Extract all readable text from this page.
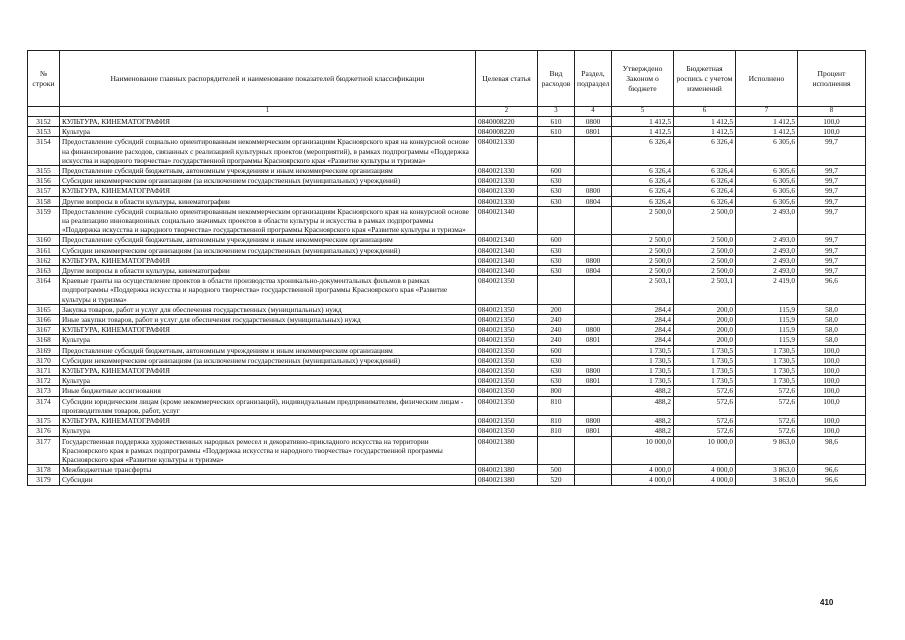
№ строки	Наименование главных распорядителей и наименование показателей бюджетной классификации	Целевая статья	Вид расходов	Раздел, подраздел	Утверждено Законом о бюджете	Бюджетная роспись с учетом изменений	Исполнено	Процент исполнения
	1	2	3	4	5	6	7	8
3152	КУЛЬТУРА, КИНЕМАТОГРАФИЯ	0840008220	610	0800	1 412,5	1 412,5	1 412,5	100,0
3153	Культура	0840008220	610	0801	1 412,5	1 412,5	1 412,5	100,0
3154	Предоставление субсидий социально ориентированным некоммерческим организациям Красноярского края на конкурсной основе на финансирование расходов, связанных с реализацией культурных проектов (мероприятий), в рамках подпрограммы «Поддержка искусства и народного творчества» государственной программы Красноярского края «Развитие культуры и туризма»	0840021330			6 326,4	6 326,4	6 305,6	99,7
3155	Предоставление субсидий бюджетным, автономным учреждениям и иным некоммерческим организациям	0840021330	600		6 326,4	6 326,4	6 305,6	99,7
3156	Субсидии некоммерческим организациям (за исключением государственных (муниципальных) учреждений)	0840021330	630		6 326,4	6 326,4	6 305,6	99,7
3157	КУЛЬТУРА, КИНЕМАТОГРАФИЯ	0840021330	630	0800	6 326,4	6 326,4	6 305,6	99,7
3158	Другие вопросы в области культуры, кинематографии	0840021330	630	0804	6 326,4	6 326,4	6 305,6	99,7
3159	Предоставление субсидий социально ориентированным некоммерческим организациям Красноярского края на конкурсной основе на реализацию инновационных социально значимых проектов в области культуры и искусства в рамках подпрограммы «Поддержка искусства и народного творчества» государственной программы Красноярского края «Развитие культуры и туризма»	0840021340			2 500,0	2 500,0	2 493,0	99,7
3160	Предоставление субсидий бюджетным, автономным учреждениям и иным некоммерческим организациям	0840021340	600		2 500,0	2 500,0	2 493,0	99,7
3161	Субсидии некоммерческим организациям (за исключением государственных (муниципальных) учреждений)	0840021340	630		2 500,0	2 500,0	2 493,0	99,7
3162	КУЛЬТУРА, КИНЕМАТОГРАФИЯ	0840021340	630	0800	2 500,0	2 500,0	2 493,0	99,7
3163	Другие вопросы в области культуры, кинематографии	0840021340	630	0804	2 500,0	2 500,0	2 493,0	99,7
3164	Краевые гранты на осуществление проектов в области производства хроникально-документальных фильмов в рамках подпрограммы «Поддержка искусства и народного творчества» государственной программы Красноярского края «Развитие культуры и туризма»	0840021350			2 503,1	2 503,1	2 419,0	96,6
3165	Закупка товаров, работ и услуг для обеспечения государственных (муниципальных) нужд	0840021350	200		284,4	200,0	115,9	58,0
3166	Иные закупки товаров, работ и услуг для обеспечения государственных (муниципальных) нужд	0840021350	240		284,4	200,0	115,9	58,0
3167	КУЛЬТУРА, КИНЕМАТОГРАФИЯ	0840021350	240	0800	284,4	200,0	115,9	58,0
3168	Культура	0840021350	240	0801	284,4	200,0	115,9	58,0
3169	Предоставление субсидий бюджетным, автономным учреждениям и иным некоммерческим организациям	0840021350	600		1 730,5	1 730,5	1 730,5	100,0
3170	Субсидии некоммерческим организациям (за исключением государственных (муниципальных) учреждений)	0840021350	630		1 730,5	1 730,5	1 730,5	100,0
3171	КУЛЬТУРА, КИНЕМАТОГРАФИЯ	0840021350	630	0800	1 730,5	1 730,5	1 730,5	100,0
3172	Культура	0840021350	630	0801	1 730,5	1 730,5	1 730,5	100,0
3173	Иные бюджетные ассигнования	0840021350	800		488,2	572,6	572,6	100,0
3174	Субсидии юридическим лицам (кроме некоммерческих организаций), индивидуальным предпринимателям, физическим лицам - производителям товаров, работ, услуг	0840021350	810		488,2	572,6	572,6	100,0
3175	КУЛЬТУРА, КИНЕМАТОГРАФИЯ	0840021350	810	0800	488,2	572,6	572,6	100,0
3176	Культура	0840021350	810	0801	488,2	572,6	572,6	100,0
3177	Государственная поддержка художественных народных ремесел и декоративно-прикладного искусства на территории Красноярского края в рамках подпрограммы «Поддержка искусства и народного творчества» государственной программы Красноярского края «Развитие культуры и туризма»	0840021380			10 000,0	10 000,0	9 863,0	98,6
3178	Межбюджетные трансферты	0840021380	500		4 000,0	4 000,0	3 863,0	96,6
3179	Субсидии	0840021380	520		4 000,0	4 000,0	3 863,0	96,6
410
